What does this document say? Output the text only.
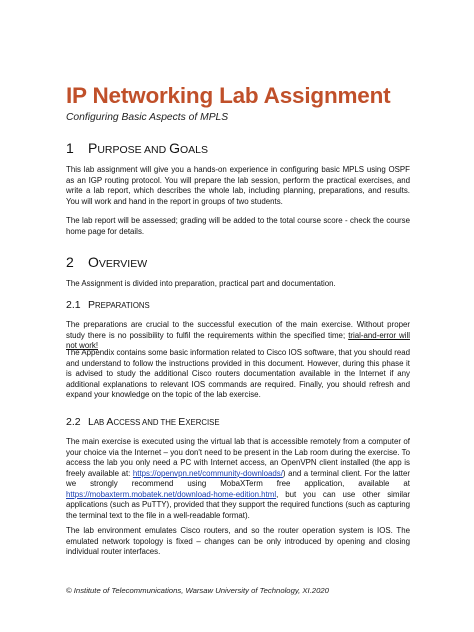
IP Networking Lab Assignment
Configuring Basic Aspects of MPLS
1 PURPOSE AND GOALS

This lab assignment will give you a hands-on experience in configuring basic MPLS using OSPF as an IGP routing protocol. You will prepare the lab session, perform the practical exercises, and write a lab report, which describes the whole lab, including planning, preparations, and results. You will work and hand in the report in groups of two students.

The lab report will be assessed; grading will be added to the total course score - check the course home page for details.

2 OVERVIEW

The Assignment is divided into preparation, practical part and documentation.

2.1 PREPARATIONS

The preparations are crucial to the successful execution of the main exercise. Without proper study there is no possibility to fulfil the requirements within the specified time; trial-and-error will not work!

The Appendix contains some basic information related to Cisco IOS software, that you should read and understand to follow the instructions provided in this document. However, during this phase it is advised to study the additional Cisco routers documentation available in the Internet if any additional explanations to relevant IOS commands are required. Finally, you should refresh and expand your knowledge on the topic of the lab exercise.

2.2 LAB ACCESS AND THE EXERCISE

The main exercise is executed using the virtual lab that is accessible remotely from a computer of your choice via the Internet – you don't need to be present in the Lab room during the exercise. To access the lab you only need a PC with Internet access, an OpenVPN client installed (the app is freely available at: https://openvpn.net/community-downloads/) and a terminal client. For the latter we strongly recommend using MobaXTerm free application, available at https://mobaxterm.mobatek.net/download-home-edition.html, but you can use other similar applications (such as PuTTY), provided that they support the required functions (such as capturing the terminal text to the file in a well-readable format).

The lab environment emulates Cisco routers, and so the router operation system is IOS. The emulated network topology is fixed – changes can be only introduced by opening and closing individual router interfaces.

© Institute of Telecommunications, Warsaw University of Technology, XI.2020
